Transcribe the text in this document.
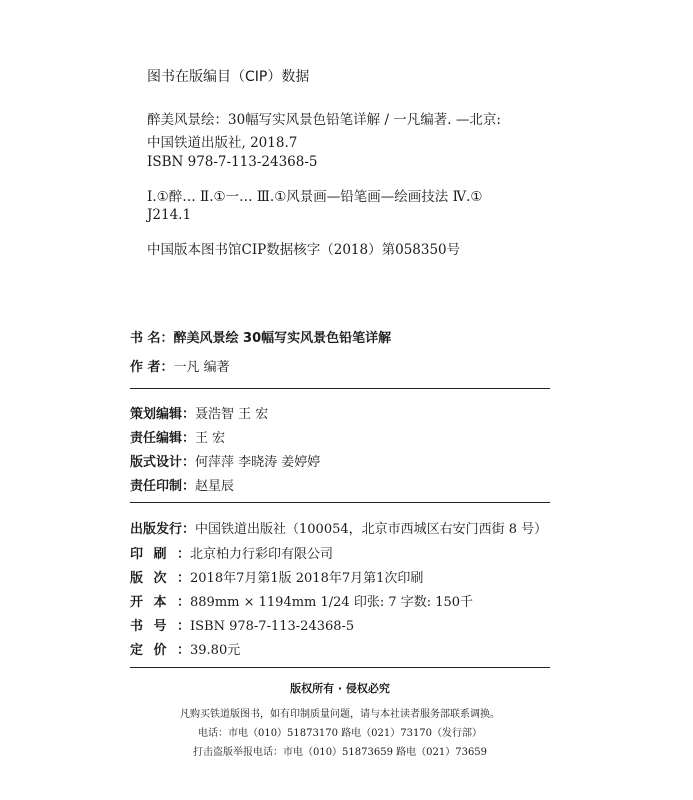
图书在版编目（CIP）数据
醉美风景绘：30幅写实风景色铅笔详解 / 一凡编著. —北京:
中国铁道出版社, 2018.7
ISBN 978-7-113-24368-5
Ⅰ.①醉… Ⅱ.①一… Ⅲ.①风景画—铅笔画—绘画技法 Ⅳ.①
J214.1
中国版本图书馆CIP数据核字（2018）第058350号
书 名： 醉美风景绘 30幅写实风景色铅笔详解
作 者： 一凡 编著
策划编辑： 聂浩智 王 宏
责任编辑： 王 宏
版式设计： 何萍萍 李晓涛 姜婷婷
责任印制： 赵星辰
出版发行： 中国铁道出版社（100054，北京市西城区右安门西街 8 号）
印刷： 北京柏力行彩印有限公司
版次： 2018年7月第1版 2018年7月第1次印刷
开本： 889mm × 1194mm 1/24 印张: 7 字数: 150千
书号： ISBN 978-7-113-24368-5
定价： 39.80元
版权所有 · 侵权必究
凡购买铁道版图书，如有印制质量问题，请与本社读者服务部联系调换。
电话：市电（010）51873170 路电（021）73170（发行部）
打击盗版举报电话：市电（010）51873659 路电（021）73659
